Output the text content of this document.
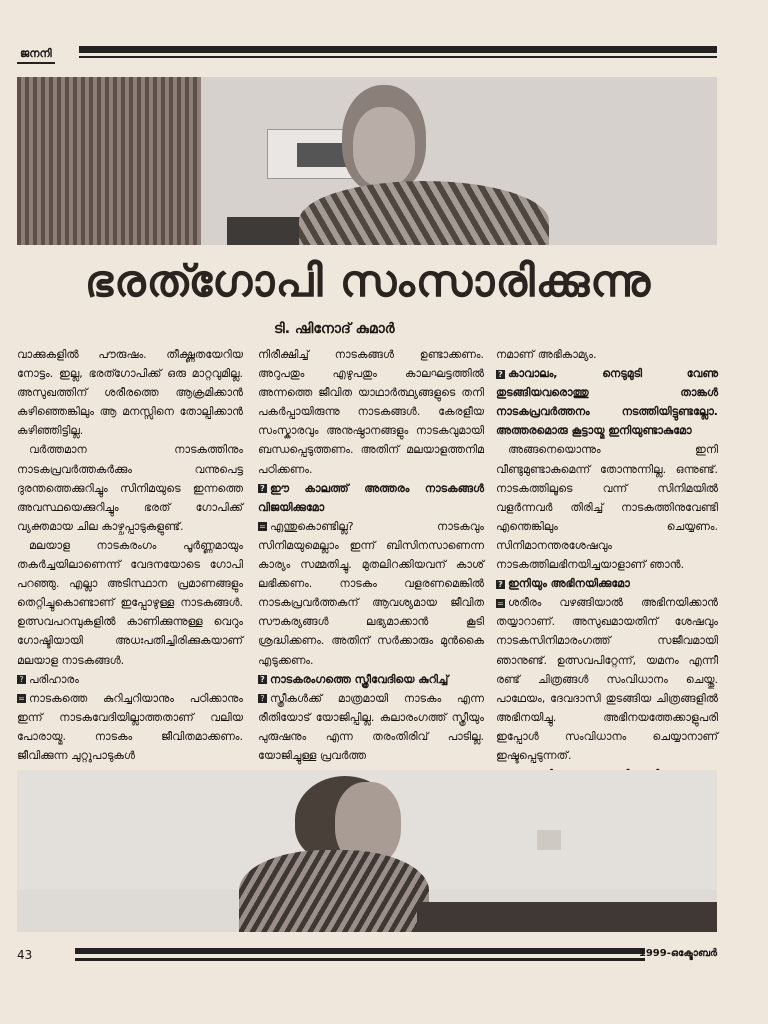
ജനനി
ഭരത്ഗോപി സംസാരിക്കുന്നു
ടി. ഷിനോദ് കുമാർ

വാക്കുകളിൽ പൗരുഷം. തീക്ഷ്ണതയേറിയ നോട്ടം. ഇല്ല, ഭരത്ഗോപിക്ക് ഒരു മാറ്റവുമില്ല. അസുഖത്തിന് ശരീരത്തെ ആക്രമിക്കാൻ കഴിഞ്ഞെങ്കിലും ആ മനസ്സിനെ തോല്പിക്കാൻ കഴിഞ്ഞിട്ടില്ല.

വർത്തമാന നാടകത്തിനും നാടകപ്രവർത്തകർക്കും വന്നുപെട്ട ദുരന്തത്തെക്കുറിച്ചും സിനിമയുടെ ഇന്നത്തെ അവസ്ഥയെക്കുറിച്ചും ഭരത് ഗോപിക്ക് വ്യക്തമായ ചില കാഴ്ചപ്പാടുകളുണ്ട്.

മലയാള നാടകരംഗം പൂർണ്ണമായും തകർച്ചയിലാണെന്ന് വേദനയോടെ ഗോപി പറഞ്ഞു. എല്ലാ അടിസ്ഥാന പ്രമാണങ്ങളും തെറ്റിച്ചുകൊണ്ടാണ് ഇപ്പോഴുള്ള നാടകങ്ങൾ. ഉത്സവപറമ്പുകളിൽ കാണിക്കുന്നുള്ള വെറും ഗോഷ്ടിയായി അധഃപതിച്ചിരിക്കുകയാണ് മലയാള നാടകങ്ങൾ.

? പരിഹാരം

= നാടകത്തെ കുറിച്ചറിയാനും പഠിക്കാനും ഇന്ന് നാടകവേദിയില്ലാത്തതാണ് വലിയ പോരായ്മ. നാടകം ജീവിതമാക്കണം. ജീവിക്കുന്ന ചുറ്റുപാടുകൾ

നിരീക്ഷിച്ച് നാടകങ്ങൾ ഉണ്ടാക്കണം. അറുപതും എഴുപതും കാലഘട്ടത്തിൽ അന്നത്തെ ജീവിത യാഥാർത്ഥ്യങ്ങളുടെ തനി പകർപ്പായിരുന്നു നാടകങ്ങൾ. കേരളീയ സംസ്കാരവും അനുഷ്ഠാനങ്ങളും നാടകവുമായി ബന്ധപ്പെടുത്തണം. അതിന് മലയാളത്തനിമ പഠിക്കണം.

? ഈ കാലത്ത് അത്തരം നാടകങ്ങൾ വിജയിക്കുമോ

= എന്തുകൊണ്ടില്ല? നാടകവും സിനിമയുമെല്ലാം ഇന്ന് ബിസിനസാണെന്ന കാര്യം സമ്മതിച്ചു. മുതലിറക്കിയവന് കാശ് ലഭിക്കണം. നാടകം വളരണമെങ്കിൽ നാടകപ്രവർത്തകന് ആവശ്യമായ ജീവിത സൗകര്യങ്ങൾ ലഭ്യമാക്കാൻ കൂടി ശ്രദ്ധിക്കണം. അതിന് സർക്കാരും മുൻകൈ എടുക്കണം.

? നാടകരംഗത്തെ സ്ത്രീവേദിയെ കുറിച്ച്

? സ്ത്രീകൾക്ക് മാത്രമായി നാടകം എന്ന രീതിയോട് യോജിപ്പില്ല. കലാരംഗത്ത് സ്ത്രീയും പുരുഷനും എന്ന തരംതിരിവ് പാടില്ല. യോജിച്ചുള്ള പ്രവർത്ത

നമാണ് അഭികാമ്യം.

? കാവാലം, നെടുമുടി വേണു തുടങ്ങിയവരൊത്തു താങ്കൾ നാടകപ്രവർത്തനം നടത്തിയിട്ടുണ്ടല്ലോ. അത്തരമൊരു കൂട്ടായ്മ ഇനിയുണ്ടാകുമോ

അങ്ങനെയൊന്നും ഇനി വീണ്ടുമുണ്ടാകുമെന്ന് തോന്നുന്നില്ല. ഒന്നുണ്ട്. നാടകത്തിലൂടെ വന്ന് സിനിമയിൽ വളർന്നവർ തിരിച്ച് നാടകത്തിനുവേണ്ടി എന്തെങ്കിലും ചെയ്യണം. സിനിമാനന്തരശേഷവും നാടകത്തിലഭിനയിച്ചയാളാണ് ഞാൻ.

? ഇനിയും അഭിനയിക്കുമോ

= ശരീരം വഴങ്ങിയാൽ അഭിനയിക്കാൻ തയ്യാറാണ്. അസുഖമായതിന് ശേഷവും നാടകസിനിമാരംഗത്ത് സജീവമായി ഞാനുണ്ട്. ഉത്സവപിറ്റേന്ന്, യമനം എന്നീ രണ്ട് ചിത്രങ്ങൾ സംവിധാനം ചെയ്തു. പാഥേയം, ദേവദാസി തുടങ്ങിയ ചിത്രങ്ങളിൽ അഭിനയിച്ചു. അഭിനയത്തേക്കാളുപരി ഇപ്പോൾ സംവിധാനം ചെയ്യാനാണ് ഇഷ്ടപ്പെടുന്നത്.

43	1999-ഒക്ടോബർ
